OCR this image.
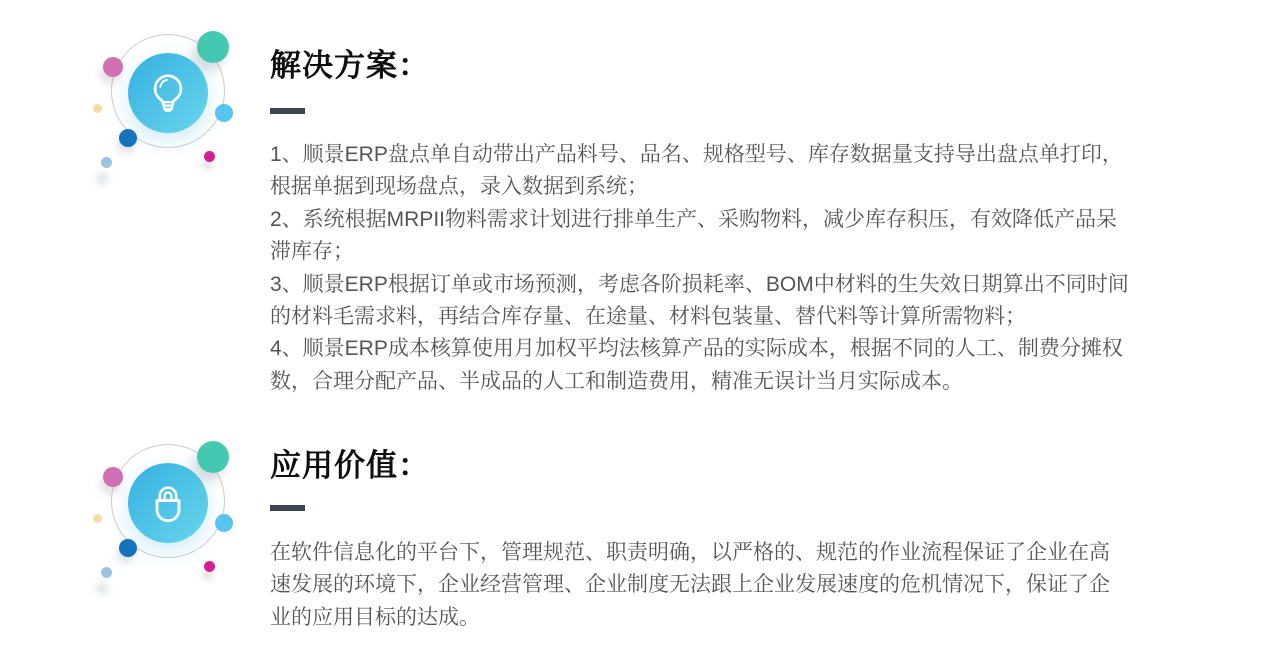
解决方案：
1、顺景ERP盘点单自动带出产品料号、品名、规格型号、库存数据量支持导出盘点单打印，
根据单据到现场盘点，录入数据到系统；
2、系统根据MRPII物料需求计划进行排单生产、采购物料，减少库存积压，有效降低产品呆
滞库存；
3、顺景ERP根据订单或市场预测，考虑各阶损耗率、BOM中材料的生失效日期算出不同时间
的材料毛需求料，再结合库存量、在途量、材料包装量、替代料等计算所需物料；
4、顺景ERP成本核算使用月加权平均法核算产品的实际成本，根据不同的人工、制费分摊权
数，合理分配产品、半成品的人工和制造费用，精准无误计当月实际成本。
应用价值：
在软件信息化的平台下，管理规范、职责明确，以严格的、规范的作业流程保证了企业在高
速发展的环境下，企业经营管理、企业制度无法跟上企业发展速度的危机情况下，保证了企
业的应用目标的达成。
